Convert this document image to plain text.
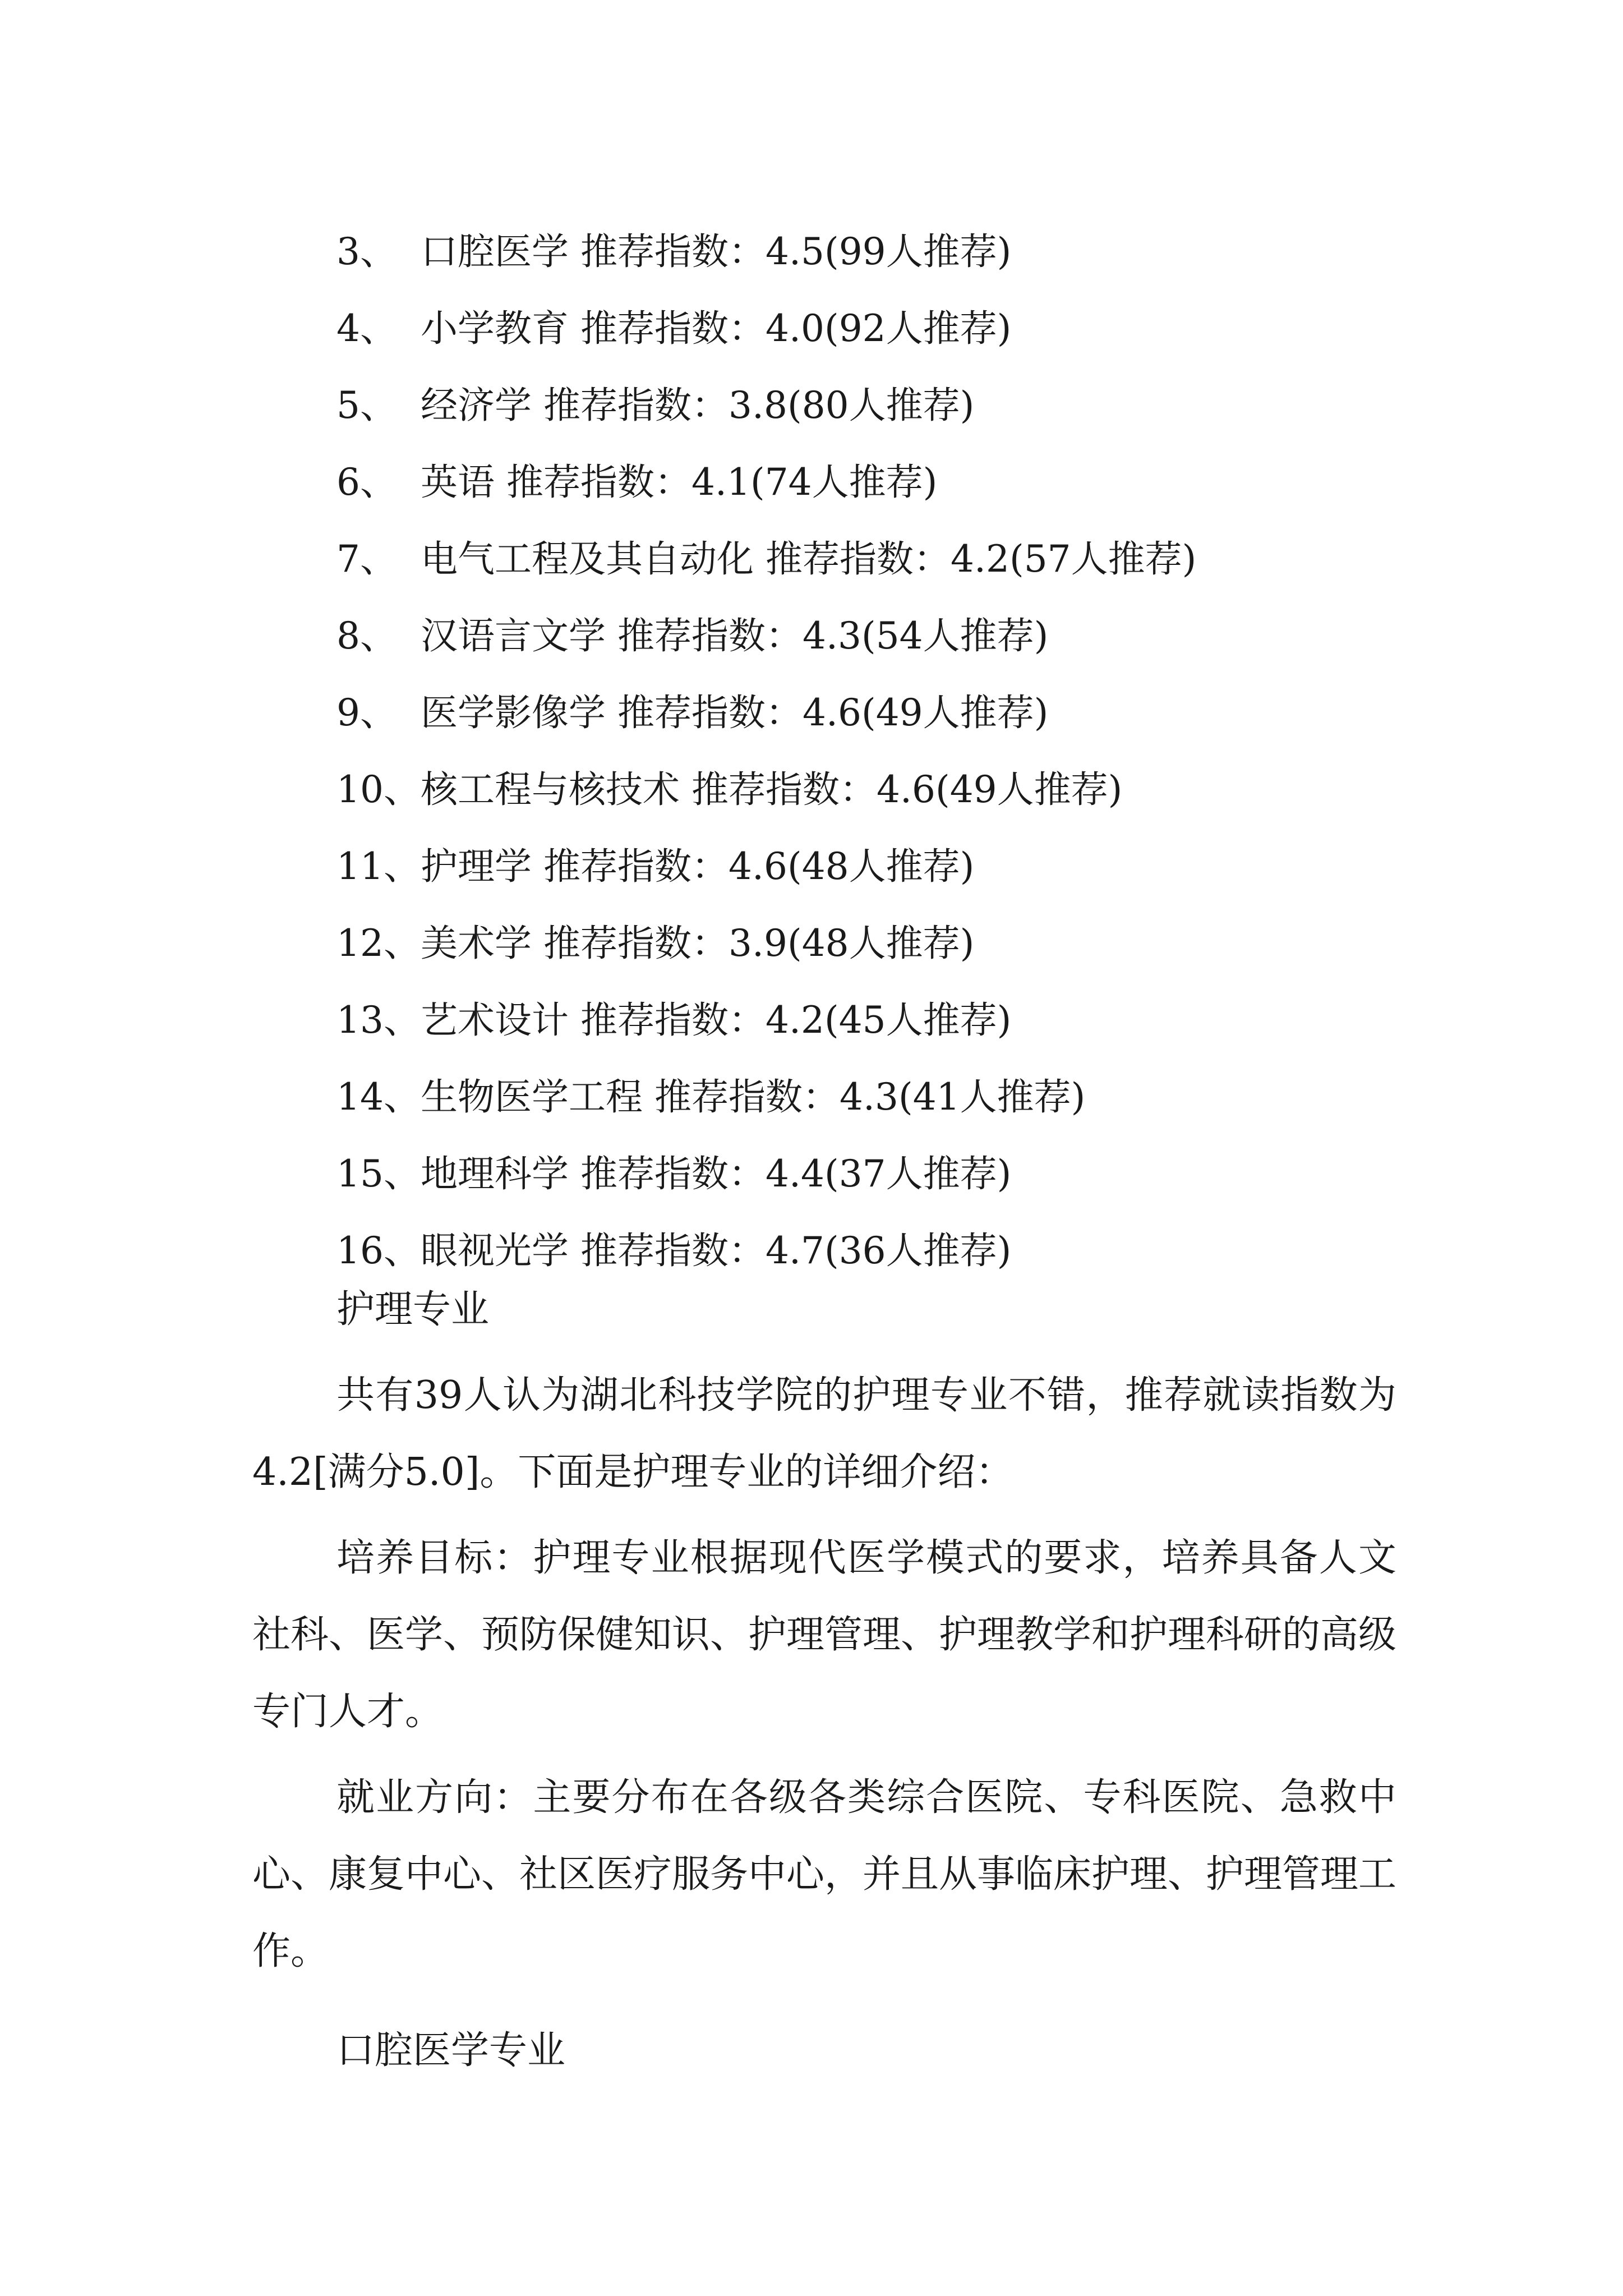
3、 口腔医学 推荐指数：4.5(99人推荐)
4、 小学教育 推荐指数：4.0(92人推荐)
5、 经济学 推荐指数：3.8(80人推荐)
6、 英语 推荐指数：4.1(74人推荐)
7、 电气工程及其自动化 推荐指数：4.2(57人推荐)
8、 汉语言文学 推荐指数：4.3(54人推荐)
9、 医学影像学 推荐指数：4.6(49人推荐)
10、核工程与核技术 推荐指数：4.6(49人推荐)
11、护理学 推荐指数：4.6(48人推荐)
12、美术学 推荐指数：3.9(48人推荐)
13、艺术设计 推荐指数：4.2(45人推荐)
14、生物医学工程 推荐指数：4.3(41人推荐)
15、地理科学 推荐指数：4.4(37人推荐)
16、眼视光学 推荐指数：4.7(36人推荐)

护理专业

共有39人认为湖北科技学院的护理专业不错，推荐就读指数为4.2[满分5.0]。下面是护理专业的详细介绍：

培养目标：护理专业根据现代医学模式的要求，培养具备人文社科、医学、预防保健知识、护理管理、护理教学和护理科研的高级专门人才。

就业方向：主要分布在各级各类综合医院、专科医院、急救中心、康复中心、社区医疗服务中心，并且从事临床护理、护理管理工作。

口腔医学专业
